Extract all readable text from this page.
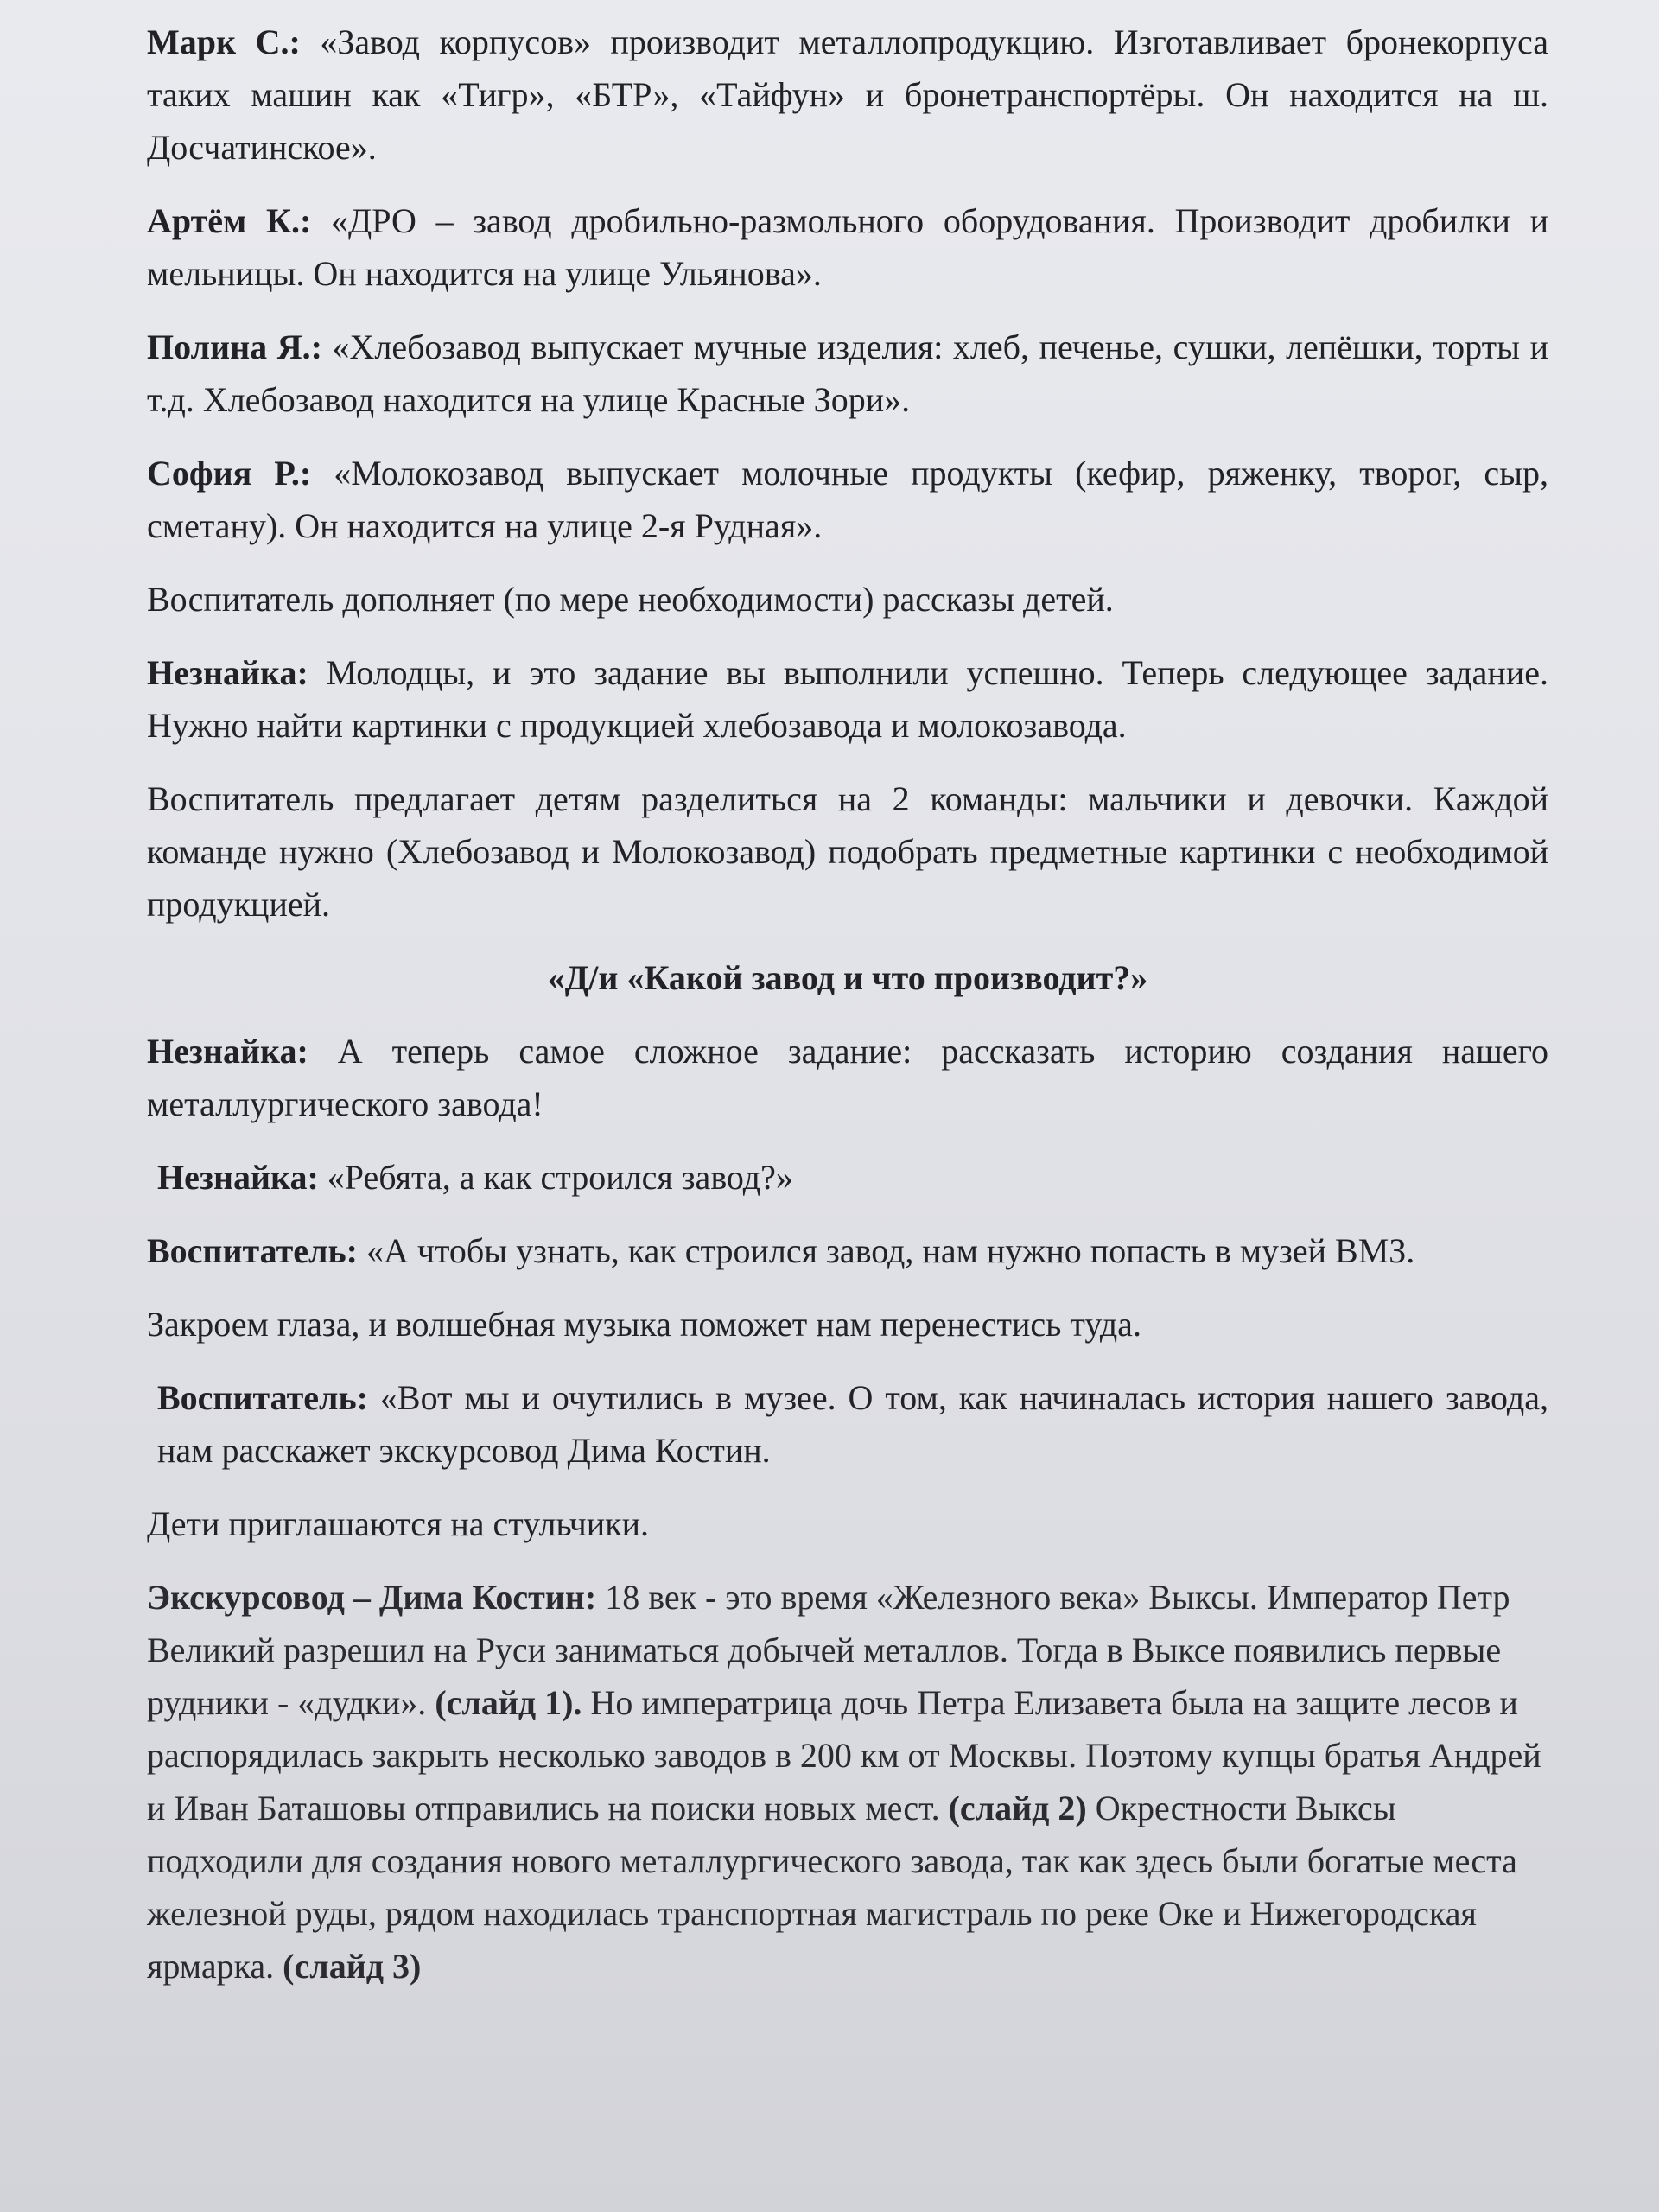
Марк С.: «Завод корпусов» производит металлопродукцию. Изготавливает бронекорпуса таких машин как «Тигр», «БТР», «Тайфун» и бронетранспортёры. Он находится на ш. Досчатинское».

Артём К.: «ДРО – завод дробильно-размольного оборудования. Производит дробилки и мельницы. Он находится на улице Ульянова».

Полина Я.: «Хлебозавод выпускает мучные изделия: хлеб, печенье, сушки, лепёшки, торты и т.д. Хлебозавод находится на улице Красные Зори».

София Р.: «Молокозавод выпускает молочные продукты (кефир, ряженку, творог, сыр, сметану). Он находится на улице 2-я Рудная».

Воспитатель дополняет (по мере необходимости) рассказы детей.

Незнайка: Молодцы, и это задание вы выполнили успешно. Теперь следующее задание. Нужно найти картинки с продукцией хлебозавода и молокозавода.

Воспитатель предлагает детям разделиться на 2 команды: мальчики и девочки. Каждой команде нужно (Хлебозавод и Молокозавод) подобрать предметные картинки с необходимой продукцией.

«Д/и «Какой завод и что производит?»

Незнайка: А теперь самое сложное задание: рассказать историю создания нашего металлургического завода!

Незнайка: «Ребята, а как строился завод?»

Воспитатель: «А чтобы узнать, как строился завод, нам нужно попасть в музей ВМЗ.

Закроем глаза, и волшебная музыка поможет нам перенестись туда.

Воспитатель: «Вот мы и очутились в музее. О том, как начиналась история нашего завода, нам расскажет экскурсовод Дима Костин.

Дети приглашаются на стульчики.

Экскурсовод – Дима Костин: 18 век - это время «Железного века» Выксы. Император Петр Великий разрешил на Руси заниматься добычей металлов. Тогда в Выксе появились первые рудники - «дудки». (слайд 1). Но императрица дочь Петра Елизавета была на защите лесов и распорядилась закрыть несколько заводов в 200 км от Москвы. Поэтому купцы братья Андрей и Иван Баташовы отправились на поиски новых мест. (слайд 2) Окрестности Выксы подходили для создания нового металлургического завода, так как здесь были богатые места железной руды, рядом находилась транспортная магистраль по реке Оке и Нижегородская ярмарка. (слайд 3)
